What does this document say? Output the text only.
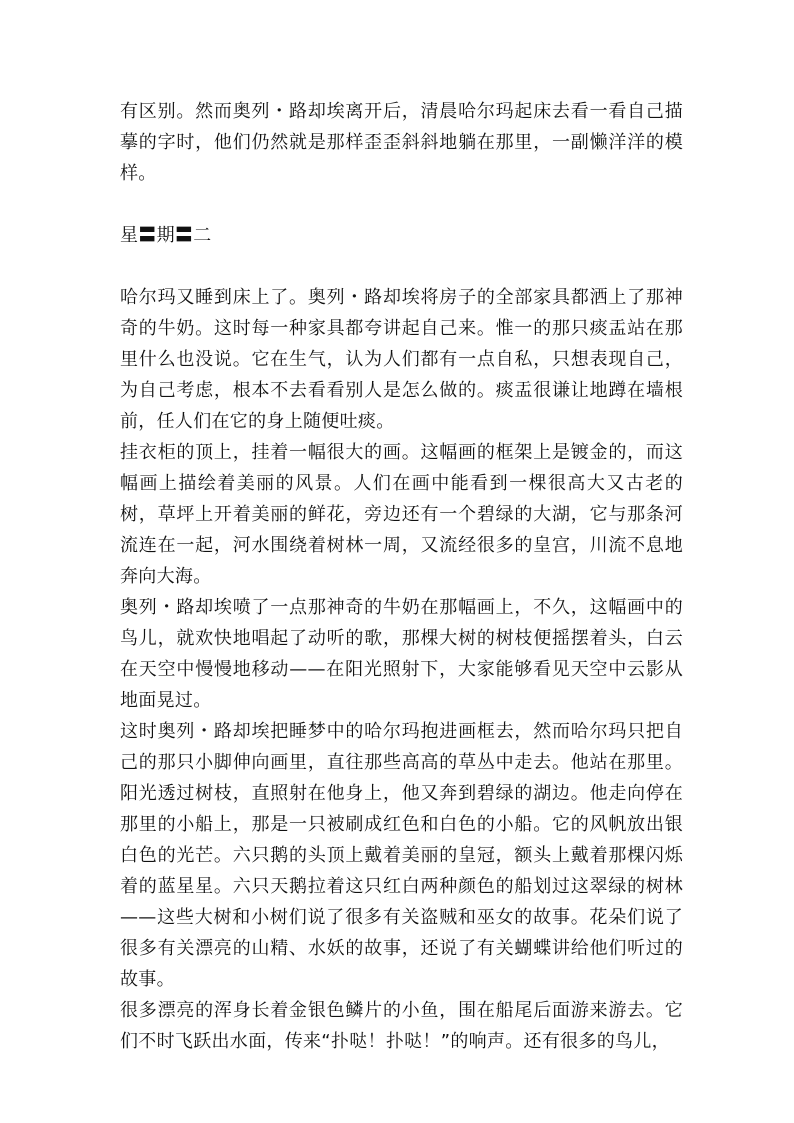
有区别。然而奥列・路却埃离开后，清晨哈尔玛起床去看一看自己描摹的字时，他们仍然就是那样歪歪斜斜地躺在那里，一副懒洋洋的模样。

星〓期〓二

哈尔玛又睡到床上了。奥列・路却埃将房子的全部家具都洒上了那神奇的牛奶。这时每一种家具都夸讲起自己来。惟一的那只痰盂站在那里什么也没说。它在生气，认为人们都有一点自私，只想表现自己，为自己考虑，根本不去看看别人是怎么做的。痰盂很谦让地蹲在墙根前，任人们在它的身上随便吐痰。

挂衣柜的顶上，挂着一幅很大的画。这幅画的框架上是镀金的，而这幅画上描绘着美丽的风景。人们在画中能看到一棵很高大又古老的树，草坪上开着美丽的鲜花，旁边还有一个碧绿的大湖，它与那条河流连在一起，河水围绕着树林一周，又流经很多的皇宫，川流不息地奔向大海。

奥列・路却埃喷了一点那神奇的牛奶在那幅画上，不久，这幅画中的鸟儿，就欢快地唱起了动听的歌，那棵大树的树枝便摇摆着头，白云在天空中慢慢地移动——在阳光照射下，大家能够看见天空中云影从地面晃过。

这时奥列・路却埃把睡梦中的哈尔玛抱进画框去，然而哈尔玛只把自己的那只小脚伸向画里，直往那些高高的草丛中走去。他站在那里。阳光透过树枝，直照射在他身上，他又奔到碧绿的湖边。他走向停在那里的小船上，那是一只被刷成红色和白色的小船。它的风帆放出银白色的光芒。六只鹅的头顶上戴着美丽的皇冠，额头上戴着那棵闪烁着的蓝星星。六只天鹅拉着这只红白两种颜色的船划过这翠绿的树林——这些大树和小树们说了很多有关盗贼和巫女的故事。花朵们说了很多有关漂亮的山精、水妖的故事，还说了有关蝴蝶讲给他们听过的故事。

很多漂亮的浑身长着金银色鳞片的小鱼，围在船尾后面游来游去。它们不时飞跃出水面，传来“扑哒！扑哒！”的响声。还有很多的鸟儿，
